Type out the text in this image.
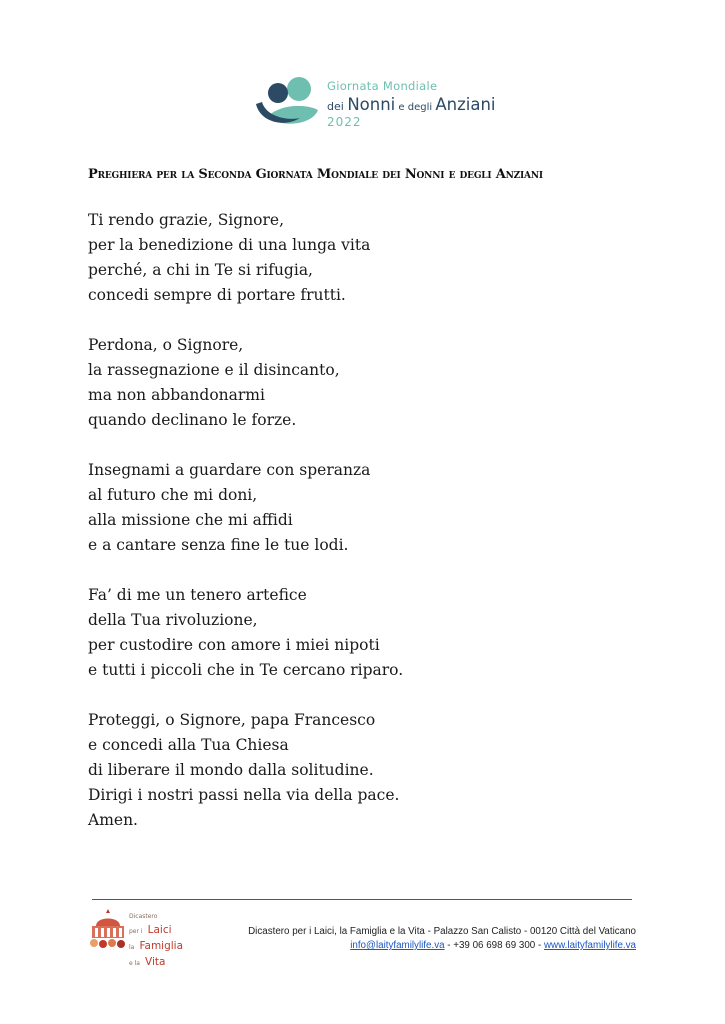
Giornata Mondiale
dei Nonni e degli Anziani
2022
Preghiera per la Seconda Giornata Mondiale dei Nonni e degli Anziani
Ti rendo grazie, Signore,
per la benedizione di una lunga vita
perché, a chi in Te si rifugia,
concedi sempre di portare frutti.
Perdona, o Signore,
la rassegnazione e il disincanto,
ma non abbandonarmi
quando declinano le forze.
Insegnami a guardare con speranza
al futuro che mi doni,
alla missione che mi affidi
e a cantare senza fine le tue lodi.
Fa’ di me un tenero artefice
della Tua rivoluzione,
per custodire con amore i miei nipoti
e tutti i piccoli che in Te cercano riparo.
Proteggi, o Signore, papa Francesco
e concedi alla Tua Chiesa
di liberare il mondo dalla solitudine.
Dirigi i nostri passi nella via della pace.
Amen.
Dicastero
per i Laici
la Famiglia
e la Vita
Dicastero per i Laici, la Famiglia e la Vita - Palazzo San Calisto - 00120 Città del Vaticano
info@laityfamilylife.va - +39 06 698 69 300 - www.laityfamilylife.va
